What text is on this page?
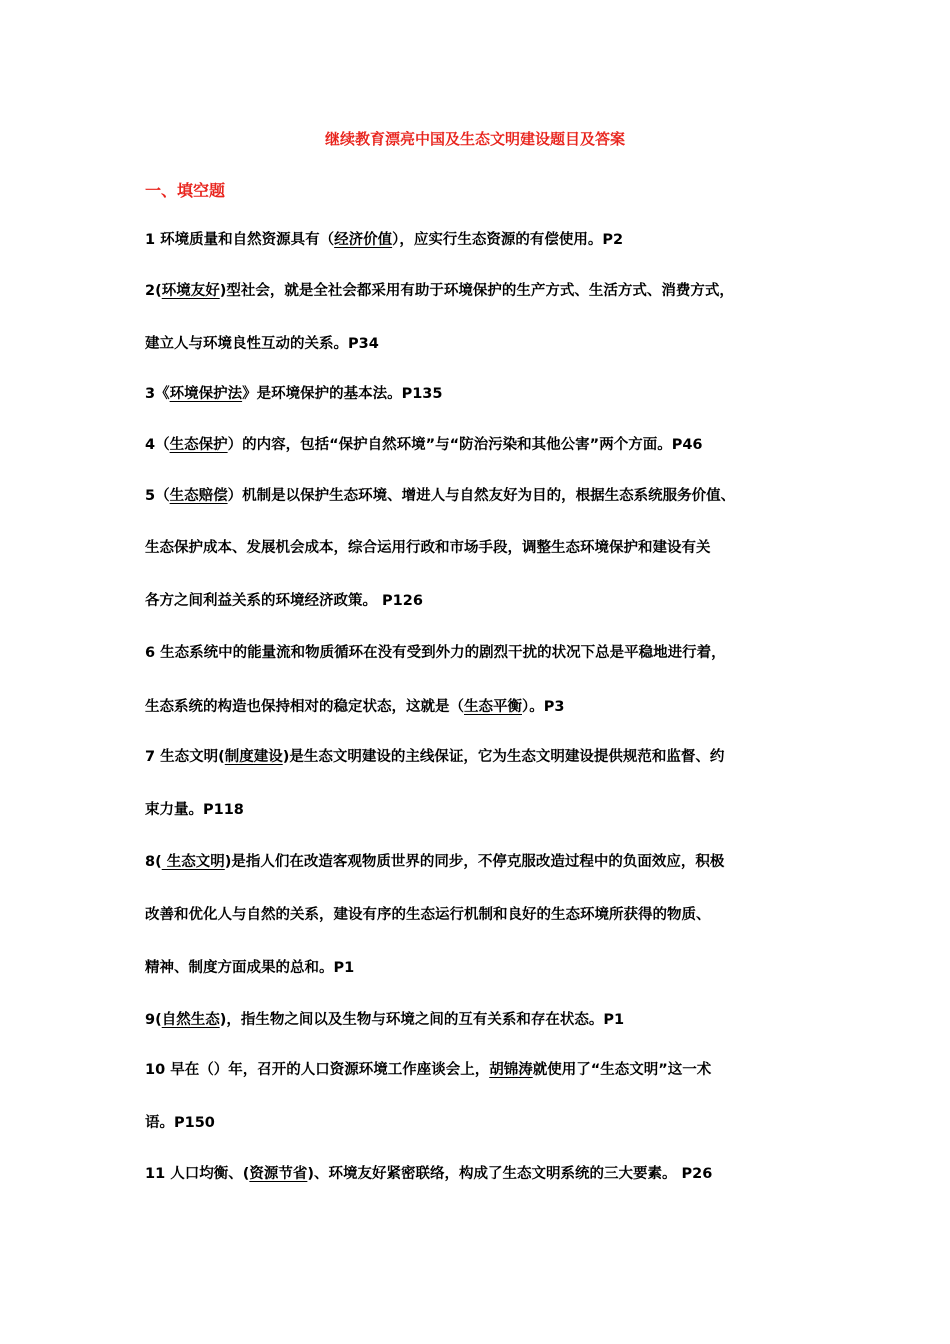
继续教育漂亮中国及生态文明建设题目及答案
一、填空题
1 环境质量和自然资源具有（经济价值），应实行生态资源的有偿使用。P2
2(环境友好)型社会，就是全社会都采用有助于环境保护的生产方式、生活方式、消费方式，
建立人与环境良性互动的关系。P34
3《环境保护法》是环境保护的基本法。P135
4（生态保护）的内容，包括“保护自然环境”与“防治污染和其他公害”两个方面。P46
5（生态赔偿）机制是以保护生态环境、增进人与自然友好为目的，根据生态系统服务价值、
生态保护成本、发展机会成本，综合运用行政和市场手段，调整生态环境保护和建设有关
各方之间利益关系的环境经济政策。 P126
6 生态系统中的能量流和物质循环在没有受到外力的剧烈干扰的状况下总是平稳地进行着，
生态系统的构造也保持相对的稳定状态，这就是（生态平衡）。P3
7 生态文明(制度建设)是生态文明建设的主线保证，它为生态文明建设提供规范和监督、约
束力量。P118
8( 生态文明)是指人们在改造客观物质世界的同步，不停克服改造过程中的负面效应，积极
改善和优化人与自然的关系，建设有序的生态运行机制和良好的生态环境所获得的物质、
精神、制度方面成果的总和。P1
9(自然生态)，指生物之间以及生物与环境之间的互有关系和存在状态。P1
10 早在（）年，召开的人口资源环境工作座谈会上，胡锦涛就使用了“生态文明”这一术
语。P150
11 人口均衡、(资源节省)、环境友好紧密联络，构成了生态文明系统的三大要素。 P26
